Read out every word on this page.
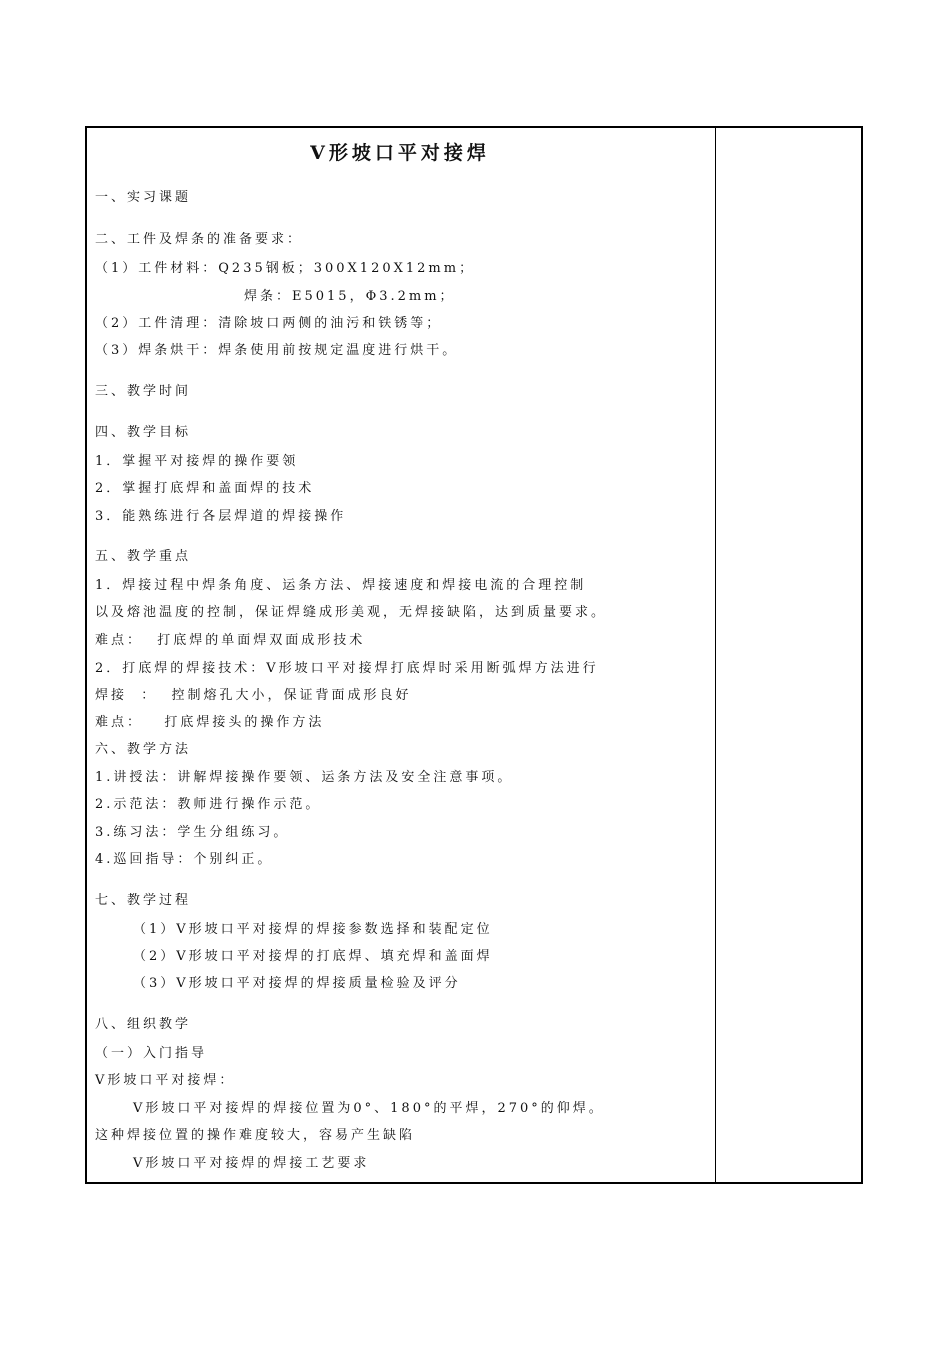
V形坡口平对接焊
一、实习课题
二、工件及焊条的准备要求：
（1）工件材料：Q235钢板；300X120X12mm；
焊条：E5015，Φ3.2mm；
（2）工件清理：清除坡口两侧的油污和铁锈等；
（3）焊条烘干：焊条使用前按规定温度进行烘干。
三、教学时间
四、教学目标
1．掌握平对接焊的操作要领
2．掌握打底焊和盖面焊的技术
3．能熟练进行各层焊道的焊接操作
五、教学重点
1．焊接过程中焊条角度、运条方法、焊接速度和焊接电流的合理控制
以及熔池温度的控制，保证焊缝成形美观，无焊接缺陷，达到质量要求。
难点：  打底焊的单面焊双面成形技术
2．打底焊的焊接技术：V形坡口平对接焊打底焊时采用断弧焊方法进行
焊接  ：  控制熔孔大小，保证背面成形良好
难点：   打底焊接头的操作方法
六、教学方法
1.讲授法：讲解焊接操作要领、运条方法及安全注意事项。
2.示范法：教师进行操作示范。
3.练习法：学生分组练习。
4.巡回指导：个别纠正。
七、教学过程
（1）V形坡口平对接焊的焊接参数选择和装配定位
（2）V形坡口平对接焊的打底焊、填充焊和盖面焊
（3）V形坡口平对接焊的焊接质量检验及评分
八、组织教学
（一）入门指导
V形坡口平对接焊：
V形坡口平对接焊的焊接位置为0°、180°的平焊，270°的仰焊。
这种焊接位置的操作难度较大，容易产生缺陷
V形坡口平对接焊的焊接工艺要求
